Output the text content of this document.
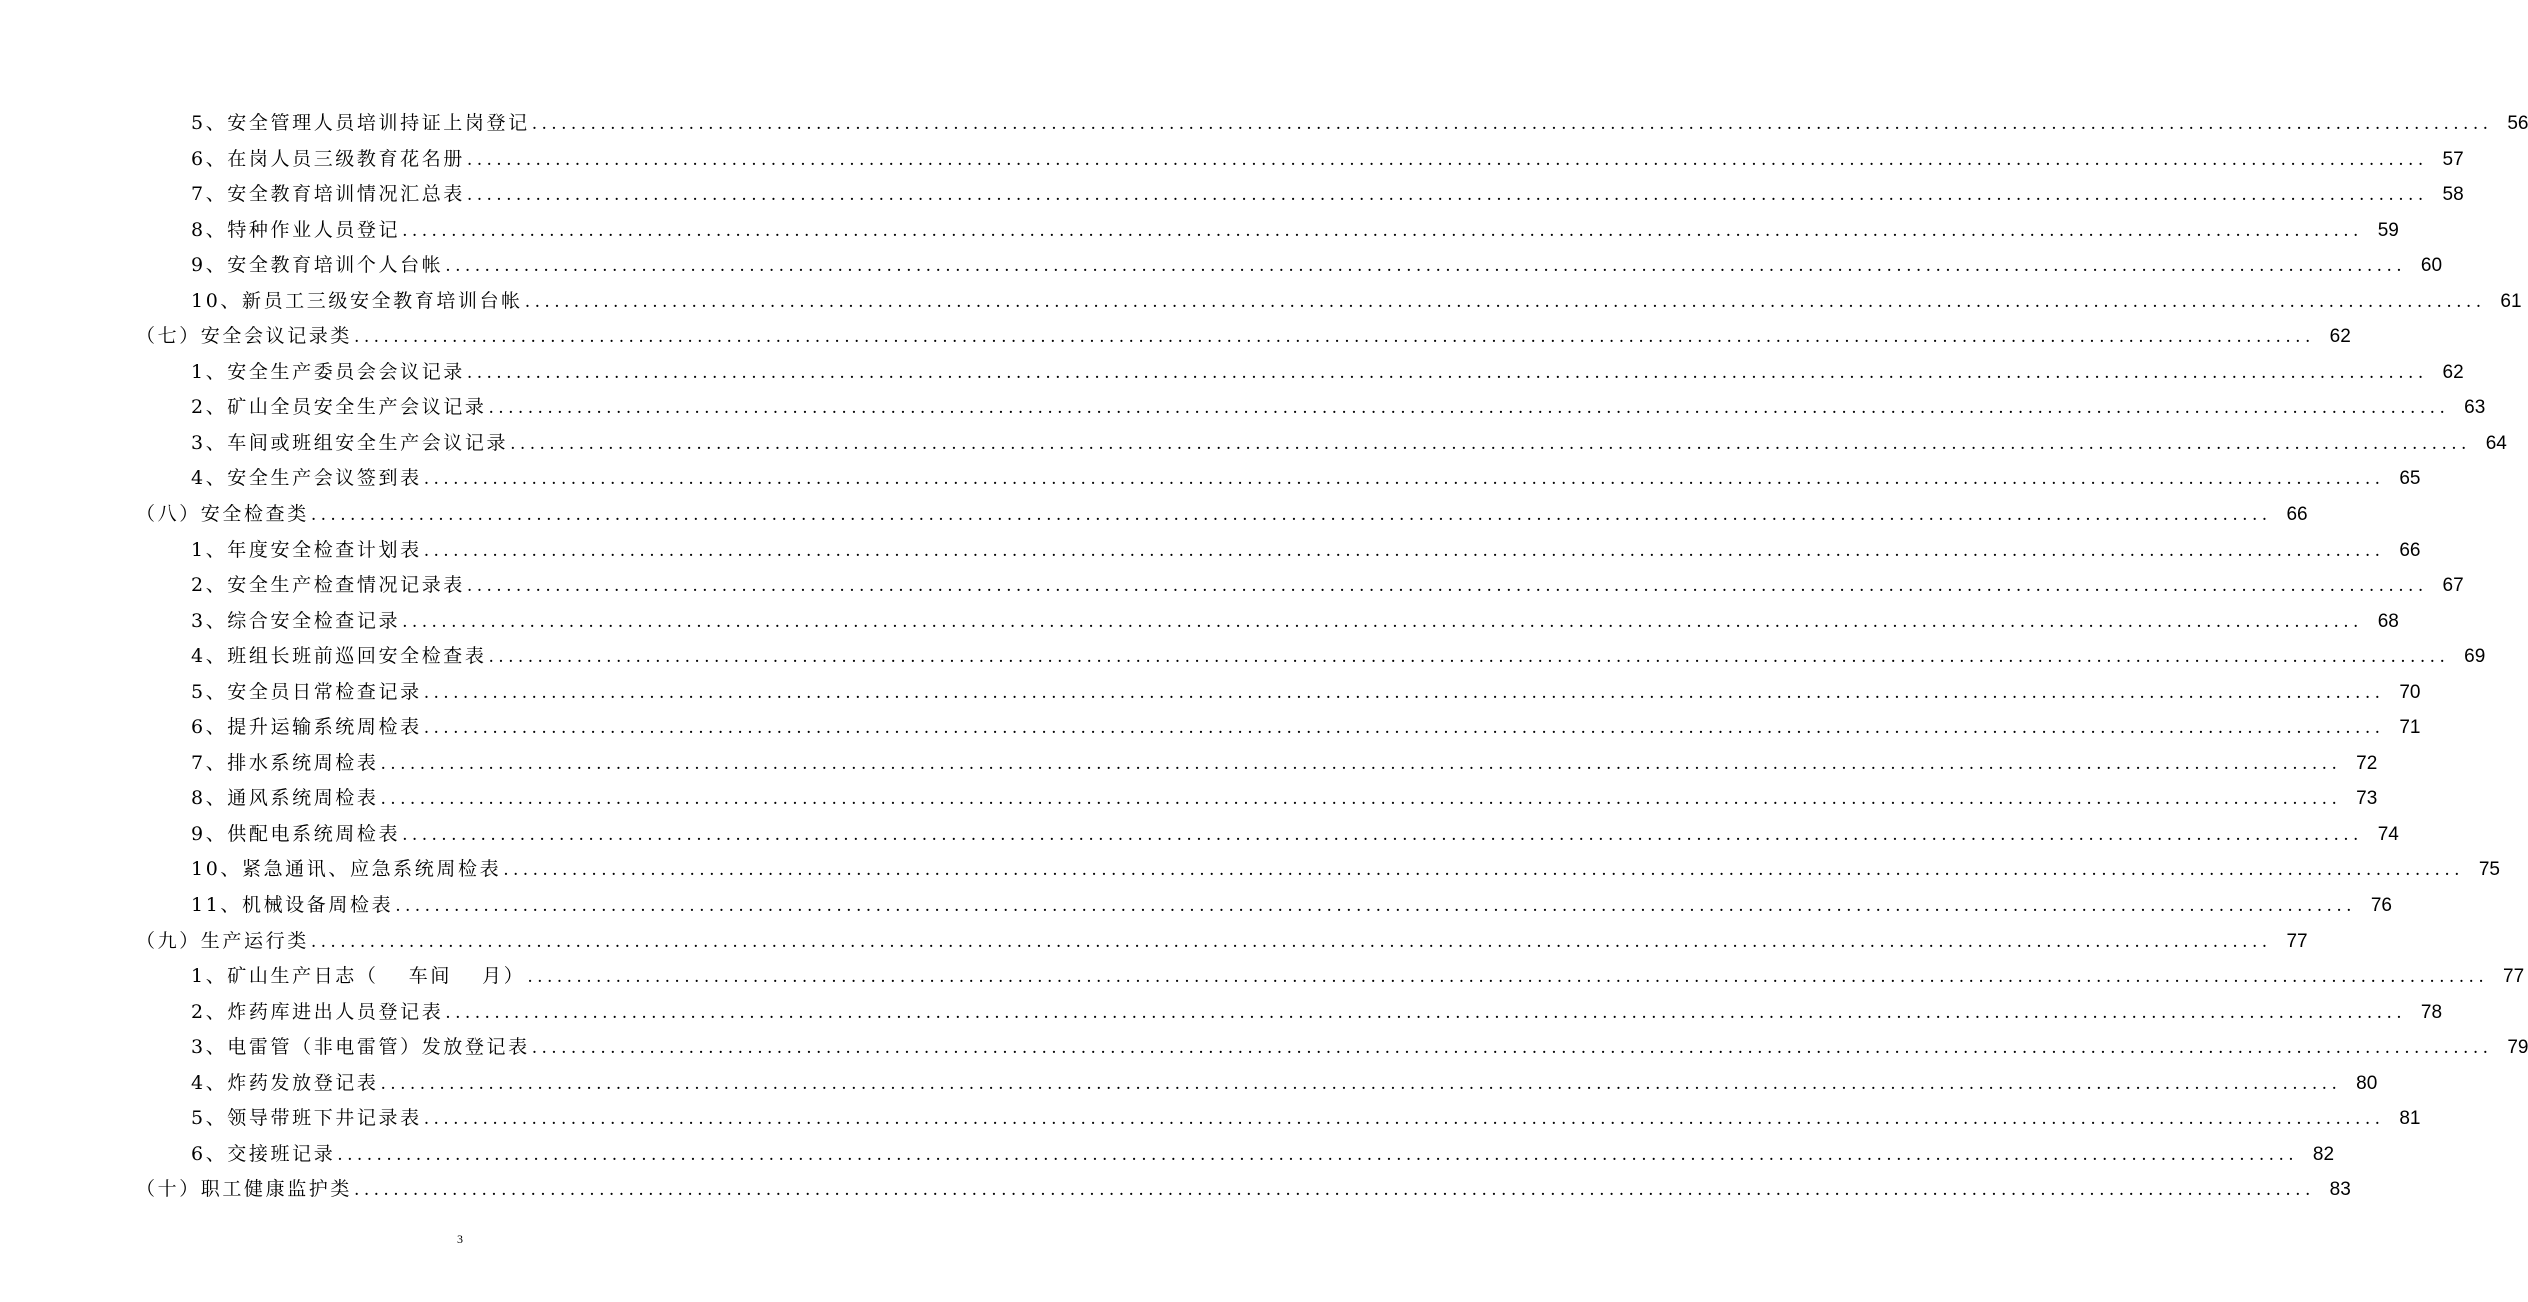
5、安全管理人员培训持证上岗登记 ........................................................................................................................................................................................................ 56
6、在岗人员三级教育花名册 ........................................................................................................................................................................................................ 57
7、安全教育培训情况汇总表 ........................................................................................................................................................................................................ 58
8、特种作业人员登记 ........................................................................................................................................................................................................ 59
9、安全教育培训个人台帐 ........................................................................................................................................................................................................ 60
10、新员工三级安全教育培训台帐 ........................................................................................................................................................................................................ 61
（七）安全会议记录类 ........................................................................................................................................................................................................ 62
1、安全生产委员会会议记录 ........................................................................................................................................................................................................ 62
2、矿山全员安全生产会议记录 ........................................................................................................................................................................................................ 63
3、车间或班组安全生产会议记录 ........................................................................................................................................................................................................ 64
4、安全生产会议签到表 ........................................................................................................................................................................................................ 65
（八）安全检查类 ........................................................................................................................................................................................................ 66
1、年度安全检查计划表 ........................................................................................................................................................................................................ 66
2、安全生产检查情况记录表 ........................................................................................................................................................................................................ 67
3、综合安全检查记录 ........................................................................................................................................................................................................ 68
4、班组长班前巡回安全检查表 ........................................................................................................................................................................................................ 69
5、安全员日常检查记录 ........................................................................................................................................................................................................ 70
6、提升运输系统周检表 ........................................................................................................................................................................................................ 71
7、排水系统周检表 ........................................................................................................................................................................................................ 72
8、通风系统周检表 ........................................................................................................................................................................................................ 73
9、供配电系统周检表 ........................................................................................................................................................................................................ 74
10、紧急通讯、应急系统周检表 ........................................................................................................................................................................................................ 75
11、机械设备周检表 ........................................................................................................................................................................................................ 76
（九）生产运行类 ........................................................................................................................................................................................................ 77
1、矿山生产日志（　 车间 　月） ........................................................................................................................................................................................................ 77
2、炸药库进出人员登记表 ........................................................................................................................................................................................................ 78
3、电雷管（非电雷管）发放登记表 ........................................................................................................................................................................................................ 79
4、炸药发放登记表 ........................................................................................................................................................................................................ 80
5、领导带班下井记录表 ........................................................................................................................................................................................................ 81
6、交接班记录 ........................................................................................................................................................................................................ 82
（十）职工健康监护类 ........................................................................................................................................................................................................ 83
3
